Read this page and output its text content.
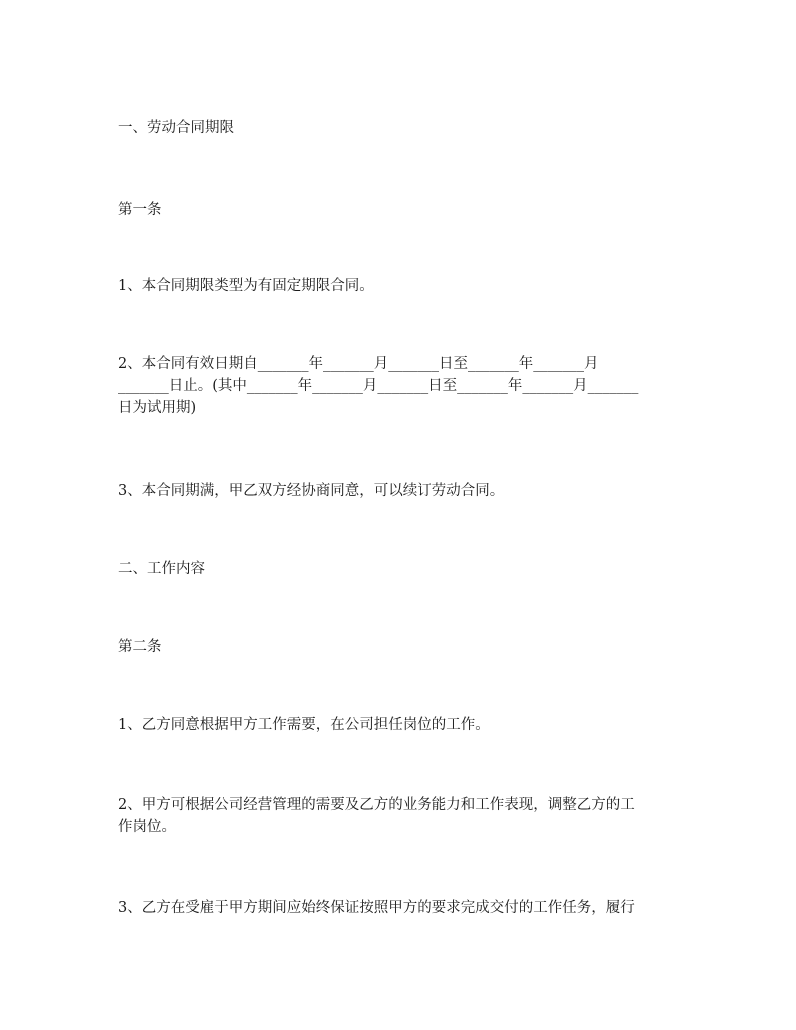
一、劳动合同期限

第一条

1、本合同期限类型为有固定期限合同。

2、本合同有效日期自_______年_______月_______日至_______年_______月
_______日止。(其中_______年_______月_______日至_______年_______月_______
日为试用期)

3、本合同期满，甲乙双方经协商同意，可以续订劳动合同。

二、工作内容

第二条

1、乙方同意根据甲方工作需要，在公司担任岗位的工作。

2、甲方可根据公司经营管理的需要及乙方的业务能力和工作表现，调整乙方的工
作岗位。

3、乙方在受雇于甲方期间应始终保证按照甲方的要求完成交付的工作任务，履行
